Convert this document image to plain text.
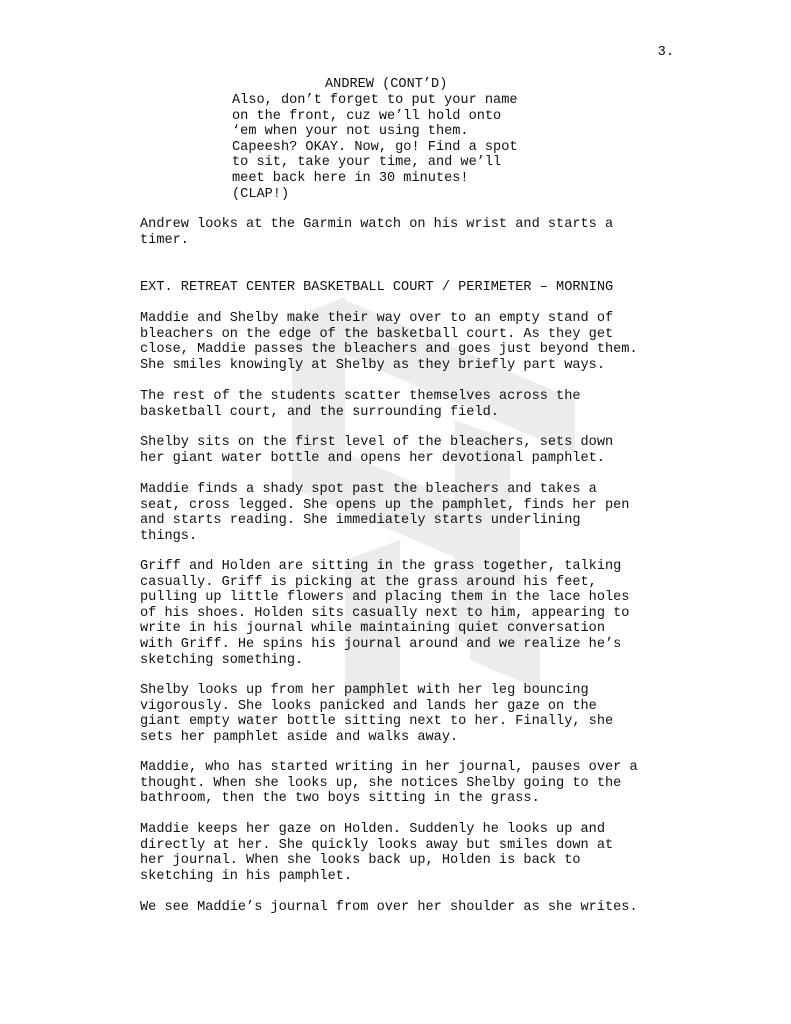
3.
ANDREW (CONT’D)
Also, don’t forget to put your name
on the front, cuz we’ll hold onto
‘em when your not using them.
Capeesh? OKAY. Now, go! Find a spot
to sit, take your time, and we’ll
meet back here in 30 minutes!
(CLAP!)
Andrew looks at the Garmin watch on his wrist and starts a
timer.
EXT. RETREAT CENTER BASKETBALL COURT / PERIMETER – MORNING
Maddie and Shelby make their way over to an empty stand of
bleachers on the edge of the basketball court. As they get
close, Maddie passes the bleachers and goes just beyond them.
She smiles knowingly at Shelby as they briefly part ways.
The rest of the students scatter themselves across the
basketball court, and the surrounding field.
Shelby sits on the first level of the bleachers, sets down
her giant water bottle and opens her devotional pamphlet.
Maddie finds a shady spot past the bleachers and takes a
seat, cross legged. She opens up the pamphlet, finds her pen
and starts reading. She immediately starts underlining
things.
Griff and Holden are sitting in the grass together, talking
casually. Griff is picking at the grass around his feet,
pulling up little flowers and placing them in the lace holes
of his shoes. Holden sits casually next to him, appearing to
write in his journal while maintaining quiet conversation
with Griff. He spins his journal around and we realize he’s
sketching something.
Shelby looks up from her pamphlet with her leg bouncing
vigorously. She looks panicked and lands her gaze on the
giant empty water bottle sitting next to her. Finally, she
sets her pamphlet aside and walks away.
Maddie, who has started writing in her journal, pauses over a
thought. When she looks up, she notices Shelby going to the
bathroom, then the two boys sitting in the grass.
Maddie keeps her gaze on Holden. Suddenly he looks up and
directly at her. She quickly looks away but smiles down at
her journal. When she looks back up, Holden is back to
sketching in his pamphlet.
We see Maddie’s journal from over her shoulder as she writes.
